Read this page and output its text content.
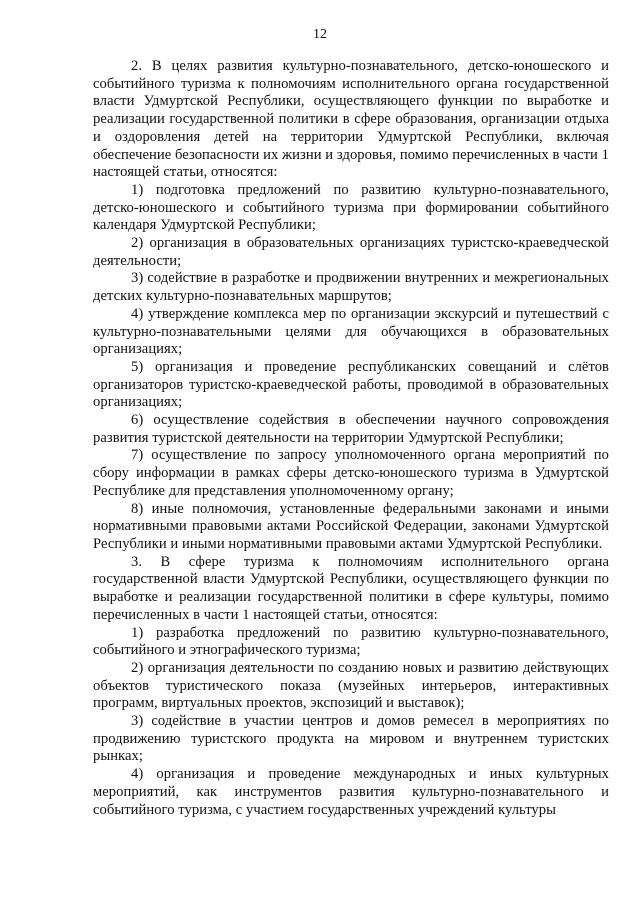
12

2. В целях развития культурно-познавательного, детско-юношеского и событийного туризма к полномочиям исполнительного органа государственной власти Удмуртской Республики, осуществляющего функции по выработке и реализации государственной политики в сфере образования, организации отдыха и оздоровления детей на территории Удмуртской Республики, включая обеспечение безопасности их жизни и здоровья, помимо перечисленных в части 1 настоящей статьи, относятся:

1) подготовка предложений по развитию культурно-познавательного, детско-юношеского и событийного туризма при формировании событийного календаря Удмуртской Республики;

2) организация в образовательных организациях туристско-краеведческой деятельности;

3) содействие в разработке и продвижении внутренних и межрегиональных детских культурно-познавательных маршрутов;

4) утверждение комплекса мер по организации экскурсий и путешествий с культурно-познавательными целями для обучающихся в образовательных организациях;

5) организация и проведение республиканских совещаний и слётов организаторов туристско-краеведческой работы, проводимой в образовательных организациях;

6) осуществление содействия в обеспечении научного сопровождения развития туристской деятельности на территории Удмуртской Республики;

7) осуществление по запросу уполномоченного органа мероприятий по сбору информации в рамках сферы детско-юношеского туризма в Удмуртской Республике для представления уполномоченному органу;

8) иные полномочия, установленные федеральными законами и иными нормативными правовыми актами Российской Федерации, законами Удмуртской Республики и иными нормативными правовыми актами Удмуртской Республики.

3. В сфере туризма к полномочиям исполнительного органа государственной власти Удмуртской Республики, осуществляющего функции по выработке и реализации государственной политики в сфере культуры, помимо перечисленных в части 1 настоящей статьи, относятся:

1) разработка предложений по развитию культурно-познавательного, событийного и этнографического туризма;

2) организация деятельности по созданию новых и развитию действующих объектов туристического показа (музейных интерьеров, интерактивных программ, виртуальных проектов, экспозиций и выставок);

3) содействие в участии центров и домов ремесел в мероприятиях по продвижению туристского продукта на мировом и внутреннем туристских рынках;

4) организация и проведение международных и иных культурных мероприятий, как инструментов развития культурно-познавательного и событийного туризма, с участием государственных учреждений культуры
